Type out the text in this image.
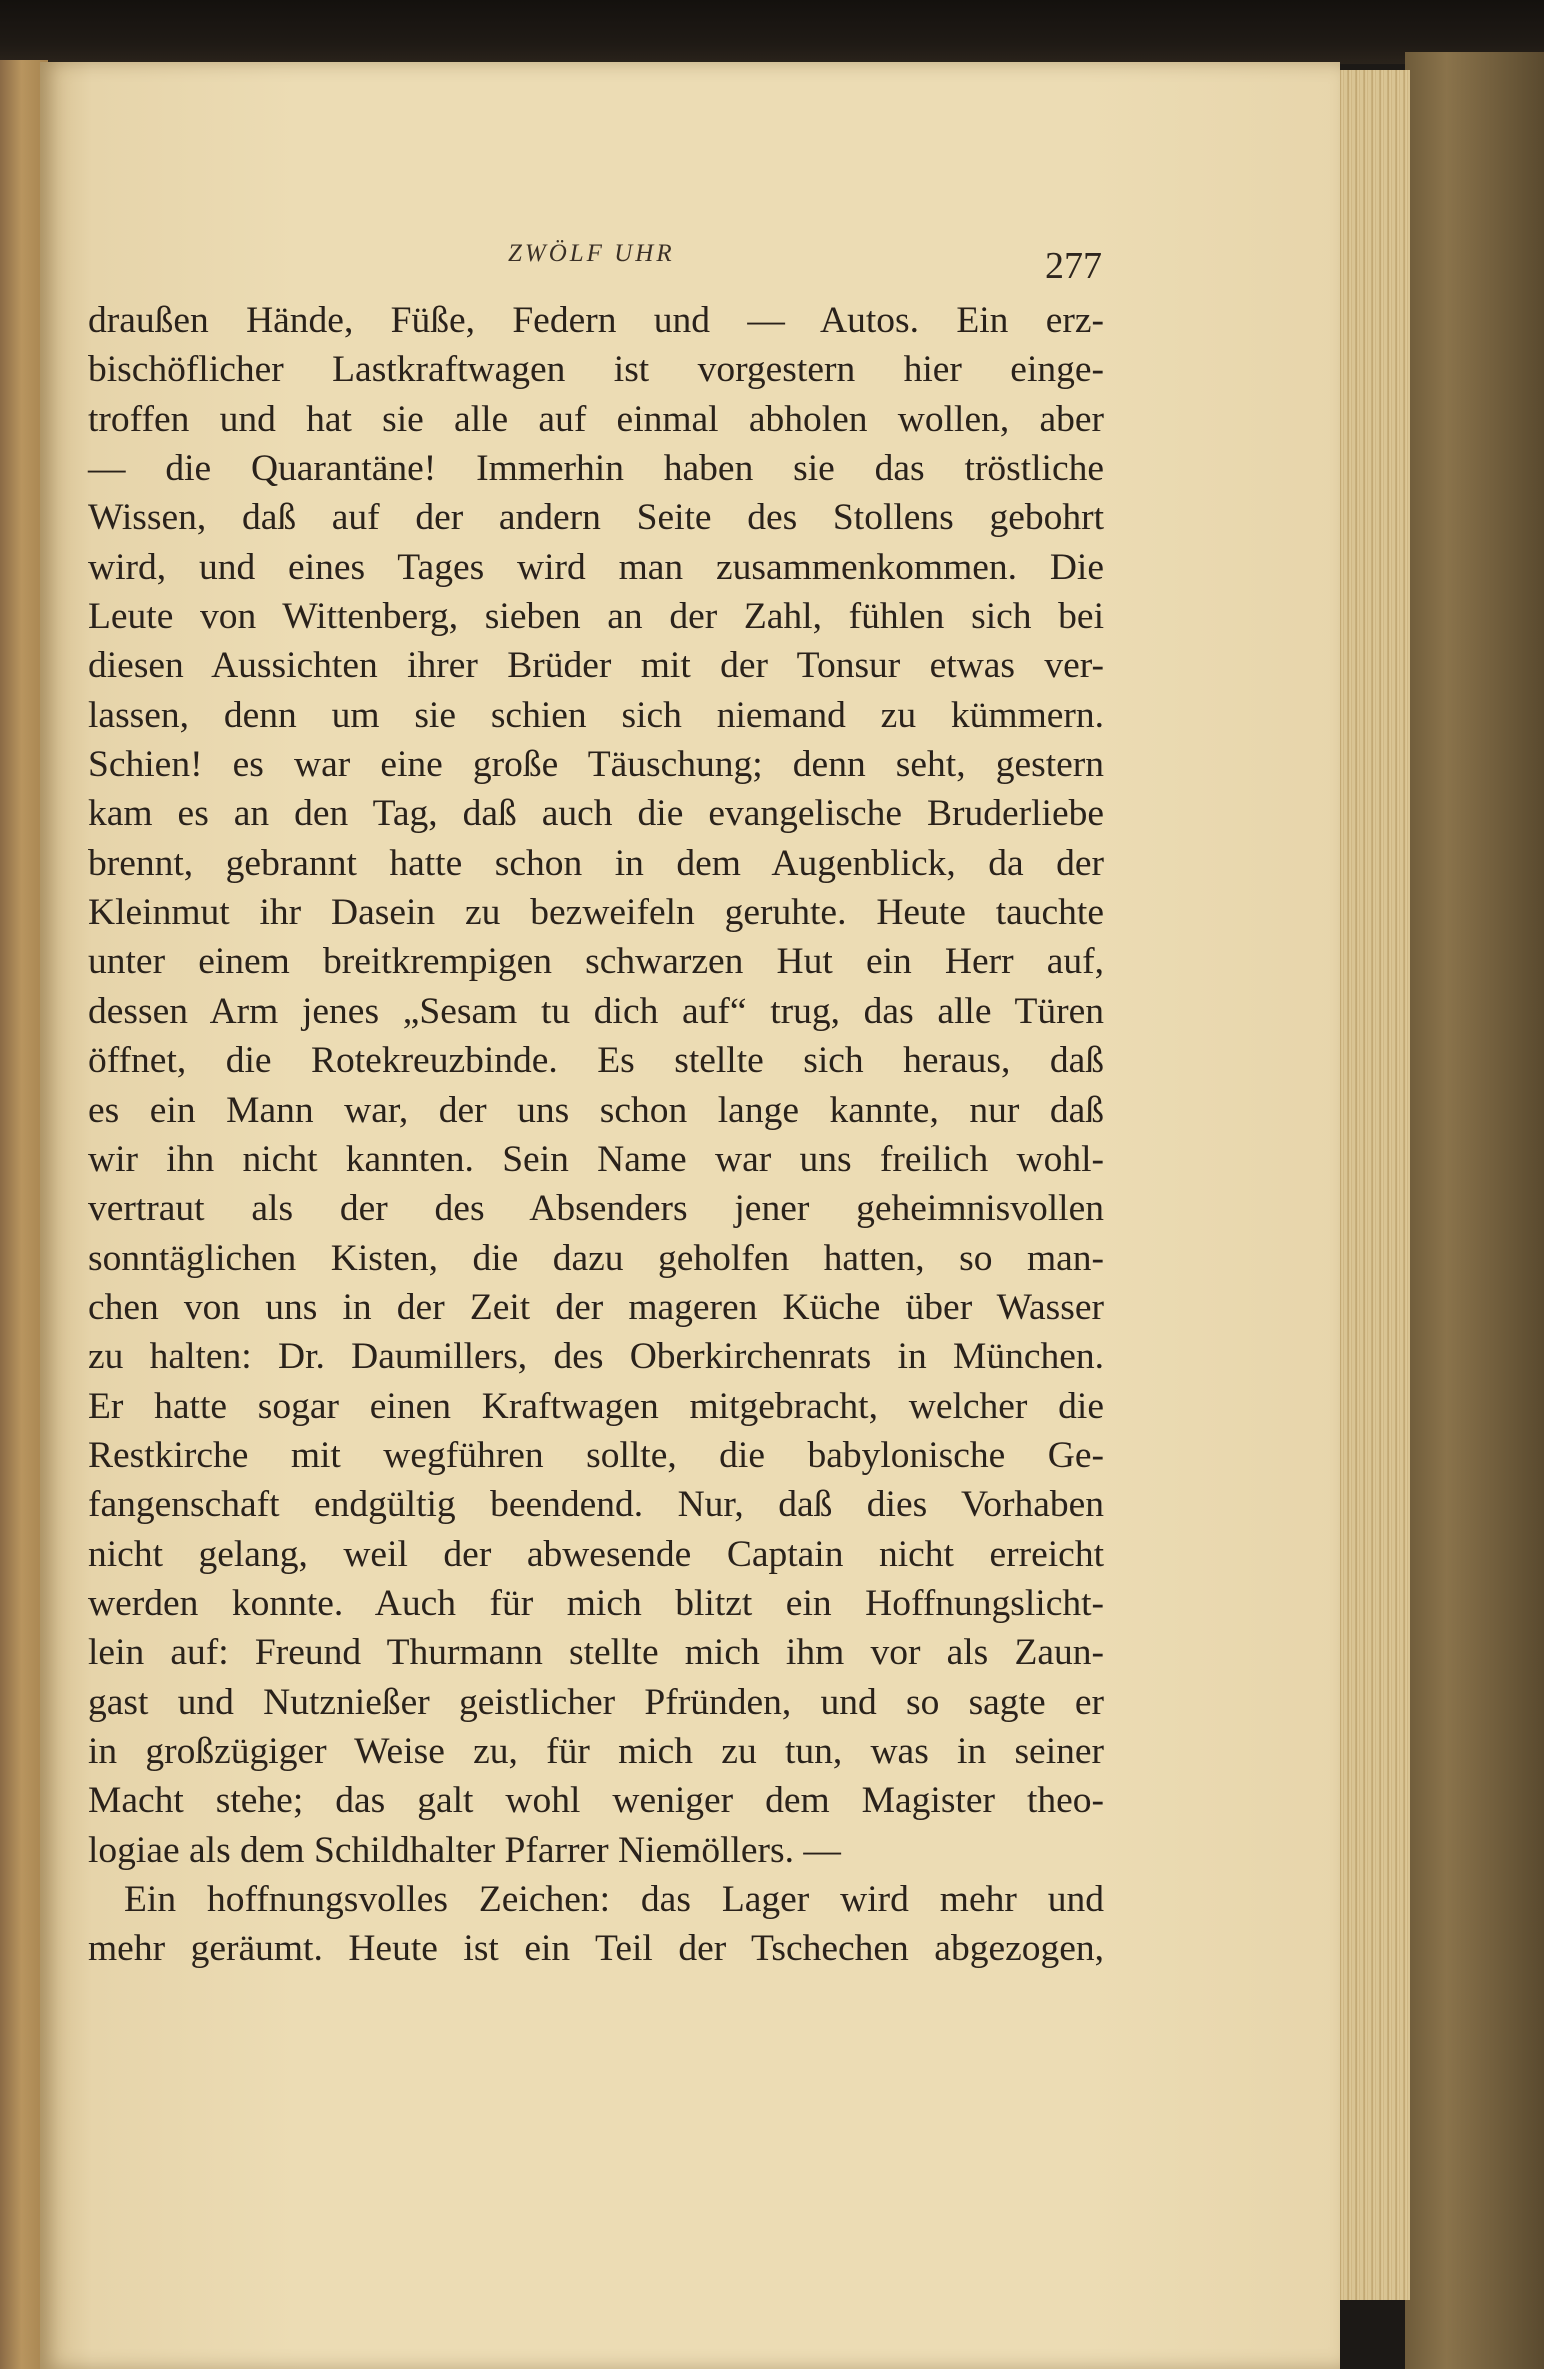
ZWÖLF UHR	277
draußen Hände, Füße, Federn und — Autos. Ein erz-
bischöflicher Lastkraftwagen ist vorgestern hier einge-
troffen und hat sie alle auf einmal abholen wollen, aber
— die Quarantäne! Immerhin haben sie das tröstliche
Wissen, daß auf der andern Seite des Stollens gebohrt
wird, und eines Tages wird man zusammenkommen. Die
Leute von Wittenberg, sieben an der Zahl, fühlen sich bei
diesen Aussichten ihrer Brüder mit der Tonsur etwas ver-
lassen, denn um sie schien sich niemand zu kümmern.
Schien! es war eine große Täuschung; denn seht, gestern
kam es an den Tag, daß auch die evangelische Bruderliebe
brennt, gebrannt hatte schon in dem Augenblick, da der
Kleinmut ihr Dasein zu bezweifeln geruhte. Heute tauchte
unter einem breitkrempigen schwarzen Hut ein Herr auf,
dessen Arm jenes „Sesam tu dich auf“ trug, das alle Türen
öffnet, die Rotekreuzbinde. Es stellte sich heraus, daß
es ein Mann war, der uns schon lange kannte, nur daß
wir ihn nicht kannten. Sein Name war uns freilich wohl-
vertraut als der des Absenders jener geheimnisvollen
sonntäglichen Kisten, die dazu geholfen hatten, so man-
chen von uns in der Zeit der mageren Küche über Wasser
zu halten: Dr. Daumillers, des Oberkirchenrats in München.
Er hatte sogar einen Kraftwagen mitgebracht, welcher die
Restkirche mit wegführen sollte, die babylonische Ge-
fangenschaft endgültig beendend. Nur, daß dies Vorhaben
nicht gelang, weil der abwesende Captain nicht erreicht
werden konnte. Auch für mich blitzt ein Hoffnungslicht-
lein auf: Freund Thurmann stellte mich ihm vor als Zaun-
gast und Nutznießer geistlicher Pfründen, und so sagte er
in großzügiger Weise zu, für mich zu tun, was in seiner
Macht stehe; das galt wohl weniger dem Magister theo-
logiae als dem Schildhalter Pfarrer Niemöllers. —
Ein hoffnungsvolles Zeichen: das Lager wird mehr und
mehr geräumt. Heute ist ein Teil der Tschechen abgezogen,
